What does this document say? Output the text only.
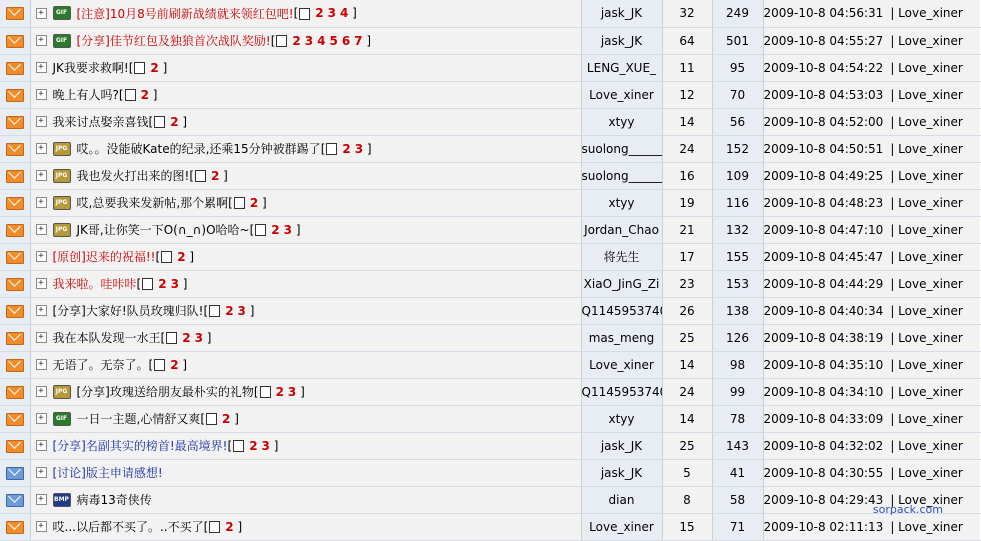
	+ GIF [注意]10月8号前刷新战绩就来领红包吧![ 2 3 4 ]	jask_JK	32	249	2009-10-8 04:56:31 | Love_xiner
	+ GIF [分享]佳节红包及独狼首次战队奖励![ 2 3 4 5 6 7 ]	jask_JK	64	501	2009-10-8 04:55:27 | Love_xiner
	+ JK我要求救啊![ 2 ]	LENG_XUE_	11	95	2009-10-8 04:54:22 | Love_xiner
	+ 晚上有人吗?[ 2 ]	Love_xiner	12	70	2009-10-8 04:53:03 | Love_xiner
	+ 我来讨点娶亲喜钱[ 2 ]	xtyy	14	56	2009-10-8 04:52:00 | Love_xiner
	+ JPG 哎。。没能破Kate的纪录,还乘15分钟被群踢了[ 2 3 ]	suolong______	24	152	2009-10-8 04:50:51 | Love_xiner
	+ JPG 我也发火打出来的图![ 2 ]	suolong______	16	109	2009-10-8 04:49:25 | Love_xiner
	+ JPG 哎,总要我来发新帖,那个累啊[ 2 ]	xtyy	19	116	2009-10-8 04:48:23 | Love_xiner
	+ JPG JK哥,让你笑一下O(∩_∩)O哈哈~[ 2 3 ]	Jordan_Chao	21	132	2009-10-8 04:47:10 | Love_xiner
	+ [原创]迟来的祝福!![ 2 ]	将先生	17	155	2009-10-8 04:45:47 | Love_xiner
	+ 我来啦。哇咔咔[ 2 3 ]	XiaO_JinG_Zi	23	153	2009-10-8 04:44:29 | Love_xiner
	+ [分享]大家好!队员玫瑰归队![ 2 3 ]	Q1145953740	26	138	2009-10-8 04:40:34 | Love_xiner
	+ 我在本队发现一水王[ 2 3 ]	mas_meng	25	126	2009-10-8 04:38:19 | Love_xiner
	+ 无语了。无奈了。[ 2 ]	Love_xiner	14	98	2009-10-8 04:35:10 | Love_xiner
	+ JPG [分享]玫瑰送给朋友最朴实的礼物[ 2 3 ]	Q1145953740	24	99	2009-10-8 04:34:10 | Love_xiner
	+ GIF 一日一主题,心情舒又爽[ 2 ]	xtyy	14	78	2009-10-8 04:33:09 | Love_xiner
	+ [分享]名副其实的榜首!最高境界![ 2 3 ]	jask_JK	25	143	2009-10-8 04:32:02 | Love_xiner
	+ [讨论]版主申请感想!	jask_JK	5	41	2009-10-8 04:30:55 | Love_xiner
	+ BMP 病毒13奇侠传	dian	8	58	2009-10-8 04:29:43 | Love_xiner
	+ 哎...以后都不买了。..不买了[ 2 ]	Love_xiner	15	71	2009-10-8 02:11:13 | Love_xiner
sorpack.com
